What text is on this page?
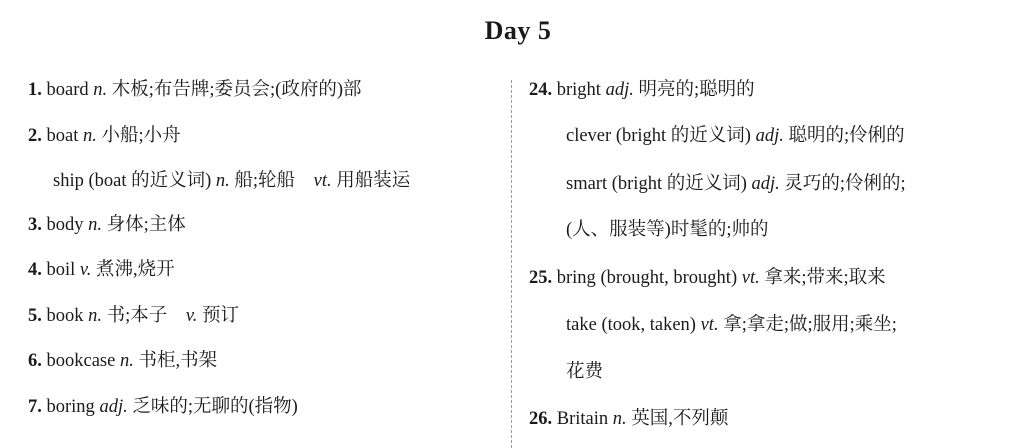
Day 5
1. board n. 木板;布告牌;委员会;(政府的)部
2. boat n. 小船;小舟
ship (boat 的近义词) n. 船;轮船 vt. 用船装运
3. body n. 身体;主体
4. boil v. 煮沸,烧开
5. book n. 书;本子 v. 预订
6. bookcase n. 书柜,书架
7. boring adj. 乏味的;无聊的(指物)
24. bright adj. 明亮的;聪明的
clever (bright 的近义词) adj. 聪明的;伶俐的
smart (bright 的近义词) adj. 灵巧的;伶俐的;
(人、服装等)时髦的;帅的
25. bring (brought, brought) vt. 拿来;带来;取来
take (took, taken) vt. 拿;拿走;做;服用;乘坐;
花费
26. Britain n. 英国,不列颠
